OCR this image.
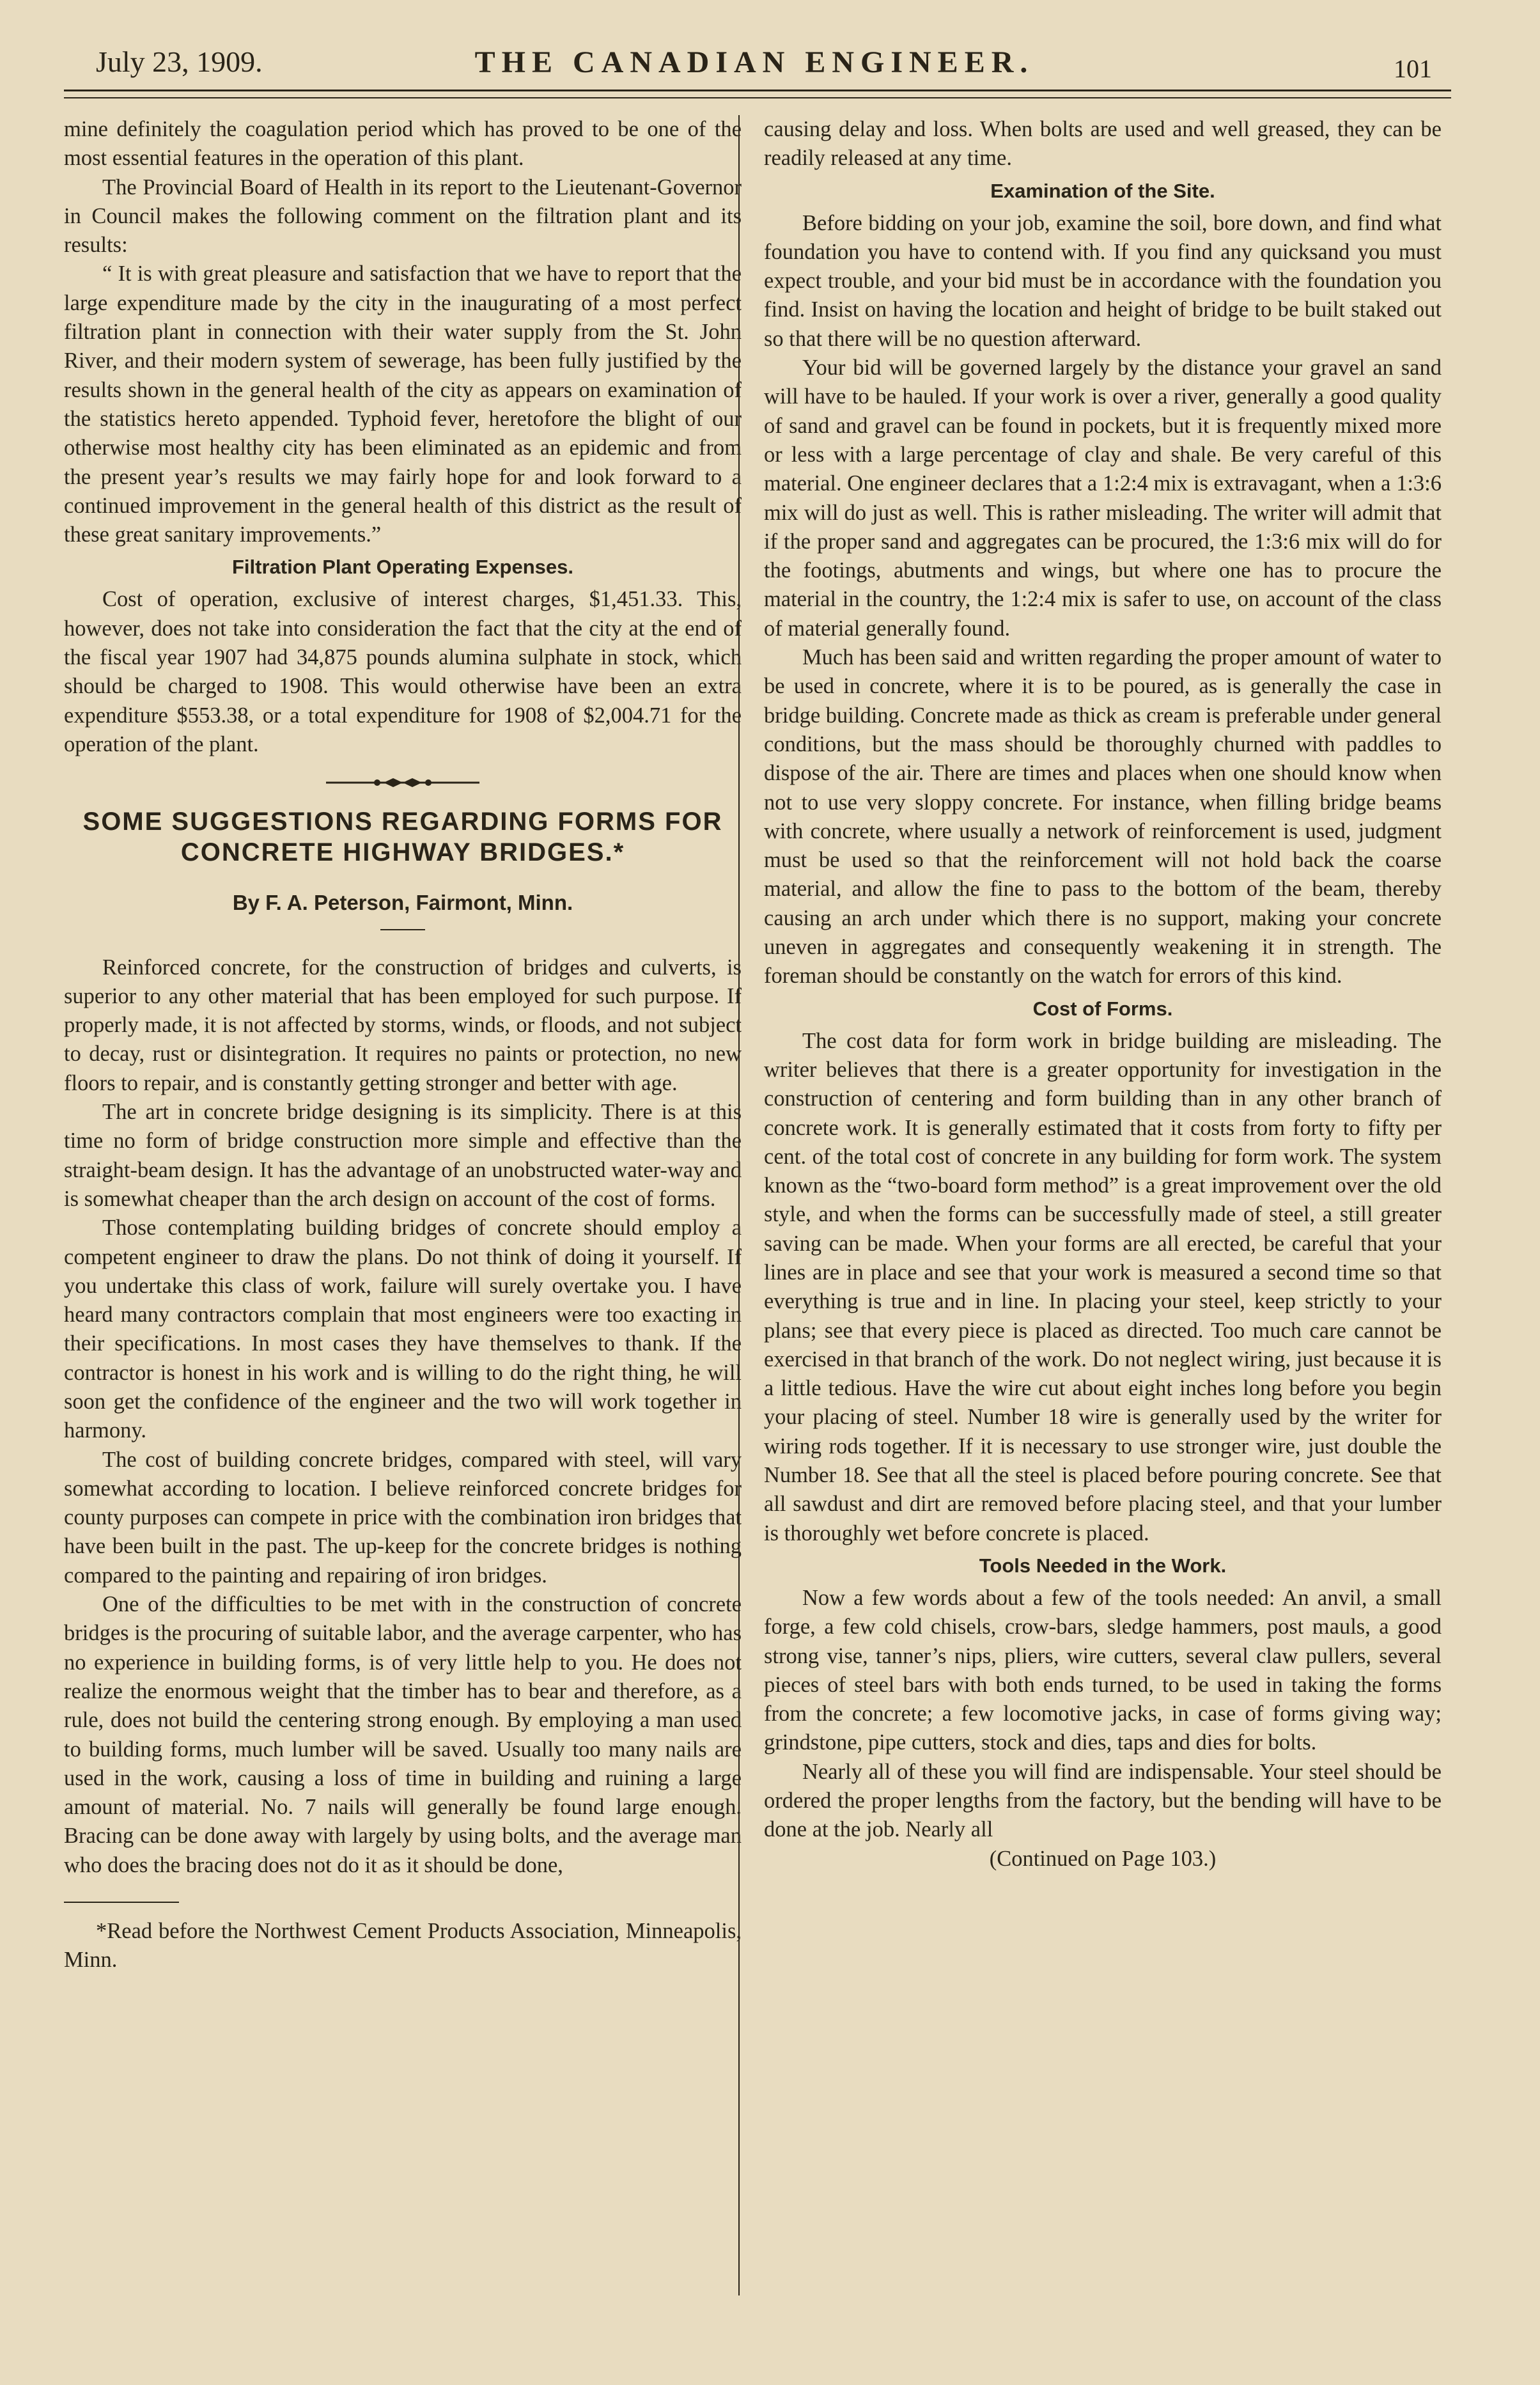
July 23, 1909.	THE CANADIAN ENGINEER.	101

mine definitely the coagulation period which has proved to be one of the most essential features in the operation of this plant.

The Provincial Board of Health in its report to the Lieutenant-Governor in Council makes the following comment on the filtration plant and its results:

“ It is with great pleasure and satisfaction that we have to report that the large expenditure made by the city in the inaugurating of a most perfect filtration plant in connection with their water supply from the St. John River, and their modern system of sewerage, has been fully justified by the results shown in the general health of the city as appears on examination of the statistics hereto appended. Typhoid fever, heretofore the blight of our otherwise most healthy city has been eliminated as an epidemic and from the present year’s results we may fairly hope for and look forward to a continued improvement in the general health of this district as the result of these great sanitary improvements.”

Filtration Plant Operating Expenses.

Cost of operation, exclusive of interest charges, $1,451.33. This, however, does not take into consideration the fact that the city at the end of the fiscal year 1907 had 34,875 pounds alumina sulphate in stock, which should be charged to 1908. This would otherwise have been an extra expenditure $553.38, or a total expenditure for 1908 of $2,004.71 for the operation of the plant.

SOME SUGGESTIONS REGARDING FORMS FOR CONCRETE HIGHWAY BRIDGES.*
By F. A. Peterson, Fairmont, Minn.

Reinforced concrete, for the construction of bridges and culverts, is superior to any other material that has been employed for such purpose. If properly made, it is not affected by storms, winds, or floods, and not subject to decay, rust or disintegration. It requires no paints or protection, no new floors to repair, and is constantly getting stronger and better with age.

The art in concrete bridge designing is its simplicity. There is at this time no form of bridge construction more simple and effective than the straight-beam design. It has the advantage of an unobstructed water-way and is somewhat cheaper than the arch design on account of the cost of forms.

Those contemplating building bridges of concrete should employ a competent engineer to draw the plans. Do not think of doing it yourself. If you undertake this class of work, failure will surely overtake you. I have heard many contractors complain that most engineers were too exacting in their specifications. In most cases they have themselves to thank. If the contractor is honest in his work and is willing to do the right thing, he will soon get the confidence of the engineer and the two will work together in harmony.

The cost of building concrete bridges, compared with steel, will vary somewhat according to location. I believe reinforced concrete bridges for county purposes can compete in price with the combination iron bridges that have been built in the past. The up-keep for the concrete bridges is nothing compared to the painting and repairing of iron bridges.

One of the difficulties to be met with in the construction of concrete bridges is the procuring of suitable labor, and the average carpenter, who has no experience in building forms, is of very little help to you. He does not realize the enormous weight that the timber has to bear and therefore, as a rule, does not build the centering strong enough. By employing a man used to building forms, much lumber will be saved. Usually too many nails are used in the work, causing a loss of time in building and ruining a large amount of material. No. 7 nails will generally be found large enough. Bracing can be done away with largely by using bolts, and the average man who does the bracing does not do it as it should be done,

*Read before the Northwest Cement Products Association, Minneapolis, Minn.

causing delay and loss. When bolts are used and well greased, they can be readily released at any time.

Examination of the Site.

Before bidding on your job, examine the soil, bore down, and find what foundation you have to contend with. If you find any quicksand you must expect trouble, and your bid must be in accordance with the foundation you find. Insist on having the location and height of bridge to be built staked out so that there will be no question afterward.

Your bid will be governed largely by the distance your gravel an sand will have to be hauled. If your work is over a river, generally a good quality of sand and gravel can be found in pockets, but it is frequently mixed more or less with a large percentage of clay and shale. Be very careful of this material. One engineer declares that a 1:2:4 mix is extravagant, when a 1:3:6 mix will do just as well. This is rather misleading. The writer will admit that if the proper sand and aggregates can be procured, the 1:3:6 mix will do for the footings, abutments and wings, but where one has to procure the material in the country, the 1:2:4 mix is safer to use, on account of the class of material generally found.

Much has been said and written regarding the proper amount of water to be used in concrete, where it is to be poured, as is generally the case in bridge building. Concrete made as thick as cream is preferable under general conditions, but the mass should be thoroughly churned with paddles to dispose of the air. There are times and places when one should know when not to use very sloppy concrete. For instance, when filling bridge beams with concrete, where usually a network of reinforcement is used, judgment must be used so that the reinforcement will not hold back the coarse material, and allow the fine to pass to the bottom of the beam, thereby causing an arch under which there is no support, making your concrete uneven in aggregates and consequently weakening it in strength. The foreman should be constantly on the watch for errors of this kind.

Cost of Forms.

The cost data for form work in bridge building are misleading. The writer believes that there is a greater opportunity for investigation in the construction of centering and form building than in any other branch of concrete work. It is generally estimated that it costs from forty to fifty per cent. of the total cost of concrete in any building for form work. The system known as the “two-board form method” is a great improvement over the old style, and when the forms can be successfully made of steel, a still greater saving can be made. When your forms are all erected, be careful that your lines are in place and see that your work is measured a second time so that everything is true and in line. In placing your steel, keep strictly to your plans; see that every piece is placed as directed. Too much care cannot be exercised in that branch of the work. Do not neglect wiring, just because it is a little tedious. Have the wire cut about eight inches long before you begin your placing of steel. Number 18 wire is generally used by the writer for wiring rods together. If it is necessary to use stronger wire, just double the Number 18. See that all the steel is placed before pouring concrete. See that all sawdust and dirt are removed before placing steel, and that your lumber is thoroughly wet before concrete is placed.

Tools Needed in the Work.

Now a few words about a few of the tools needed: An anvil, a small forge, a few cold chisels, crow-bars, sledge hammers, post mauls, a good strong vise, tanner’s nips, pliers, wire cutters, several claw pullers, several pieces of steel bars with both ends turned, to be used in taking the forms from the concrete; a few locomotive jacks, in case of forms giving way; grindstone, pipe cutters, stock and dies, taps and dies for bolts.

Nearly all of these you will find are indispensable. Your steel should be ordered the proper lengths from the factory, but the bending will have to be done at the job. Nearly all

(Continued on Page 103.)
